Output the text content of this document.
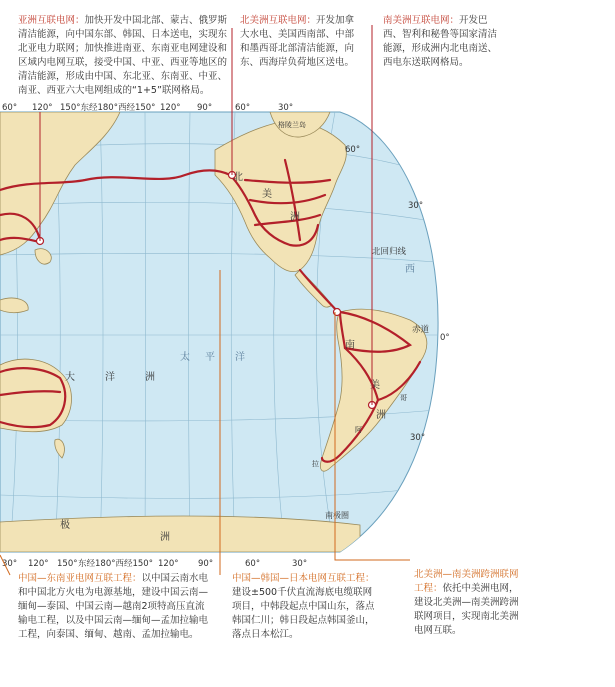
60° 120° 150°东经180°西经150° 120° 90°	60°	30°
30° 120° 150° 东经180°西经150° 120° 90°	60°	30°
60°
30°
北回归线
赤道
0°
30°
格陵兰岛
北
美
洲
南
美
洲
大	洋	洲
太 平 洋
西
南极圈
极
洲
拉
哥
阿
亚洲互联电网：加快开发中国北部、蒙古、俄罗斯清洁能源，向中国东部、韩国、日本送电，实现东北亚电力联网；加快推进南亚、东南亚电网建设和区域内电网互联，接受中国、中亚、西亚等地区的清洁能源，形成由中国、东北亚、东南亚、中亚、南亚、西亚六大电网组成的“1+5”联网格局。
北美洲互联电网：开发加拿大水电、美国西南部、中部和墨西哥北部清洁能源，向东、西海岸负荷地区送电。
南美洲互联电网：开发巴西、智利和秘鲁等国家清洁能源，形成洲内北电南送、西电东送联网格局。
中国—东南亚电网互联工程：以中国云南水电和中国北方火电为电源基地，建设中国云南—缅甸—泰国、中国云南—越南2项特高压直流输电工程，以及中国云南—缅甸—孟加拉输电工程，向泰国、缅甸、越南、孟加拉输电。
中国—韩国—日本电网互联工程：建设±500千伏直流海底电缆联网项目，中韩段起点中国山东，落点韩国仁川；韩日段起点韩国釜山，落点日本松江。
北美洲—南美洲跨洲联网工程：依托中美洲电网，建设北美洲—南美洲跨洲联网项目，实现南北美洲电网互联。
